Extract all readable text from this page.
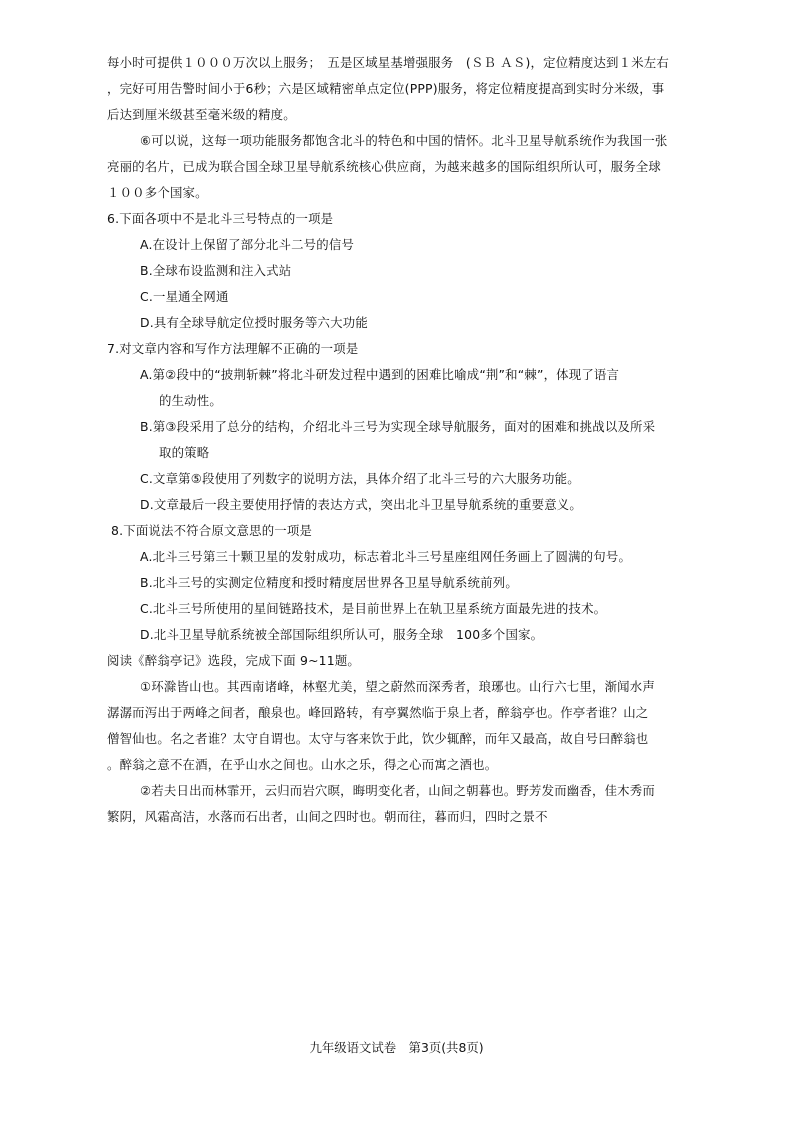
每小时可提供１０００万次以上服务；　五是区域星基增强服务　(ＳＢ ＡＳ)，定位精度达到１米左右
，完好可用告警时间小于6秒；六是区域精密单点定位(PPP)服务，将定位精度提高到实时分米级，事
后达到厘米级甚至毫米级的精度。
⑥可以说，这每一项功能服务都饱含北斗的特色和中国的情怀。北斗卫星导航系统作为我国一张
亮丽的名片，已成为联合国全球卫星导航系统核心供应商，为越来越多的国际组织所认可，服务全球
１００多个国家。
6.下面各项中不是北斗三号特点的一项是
A.在设计上保留了部分北斗二号的信号
B.全球布设监测和注入式站
C.一星通全网通
D.具有全球导航定位授时服务等六大功能
7.对文章内容和写作方法理解不正确的一项是
A.第②段中的“披荆斩棘”将北斗研发过程中遇到的困难比喻成“荆”和“棘”，体现了语言
的生动性。
B.第③段采用了总分的结构，介绍北斗三号为实现全球导航服务，面对的困难和挑战以及所采
取的策略
C.文章第⑤段使用了列数字的说明方法，具体介绍了北斗三号的六大服务功能。
D.文章最后一段主要使用抒情的表达方式，突出北斗卫星导航系统的重要意义。
8.下面说法不符合原文意思的一项是
A.北斗三号第三十颗卫星的发射成功，标志着北斗三号星座组网任务画上了圆满的句号。
B.北斗三号的实测定位精度和授时精度居世界各卫星导航系统前列。
C.北斗三号所使用的星间链路技术，是目前世界上在轨卫星系统方面最先进的技术。
D.北斗卫星导航系统被全部国际组织所认可，服务全球　100多个国家。
阅读《醉翁亭记》选段，完成下面 9~11题。
①环滁皆山也。其西南诸峰，林壑尤美，望之蔚然而深秀者，琅琊也。山行六七里，渐闻水声
潺潺而泻出于两峰之间者，酿泉也。峰回路转，有亭翼然临于泉上者，醉翁亭也。作亭者谁？山之
僧智仙也。名之者谁？太守自谓也。太守与客来饮于此，饮少辄醉，而年又最高，故自号曰醉翁也
。醉翁之意不在酒，在乎山水之间也。山水之乐，得之心而寓之酒也。
②若夫日出而林霏开，云归而岩穴暝，晦明变化者，山间之朝暮也。野芳发而幽香，佳木秀而
繁阴，风霜高洁，水落而石出者，山间之四时也。朝而往，暮而归，四时之景不
九年级语文试卷　第3页(共8页)
